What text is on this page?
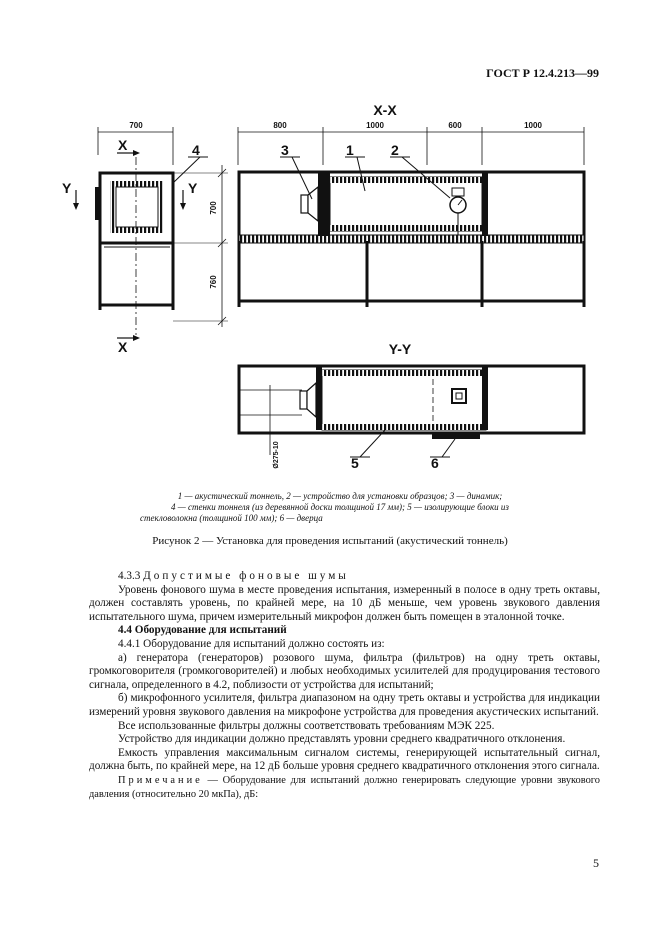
ГОСТ Р 12.4.213—99
X-X
Y-Y
700	800	1000	600	1000
700
760
Ø275-10
X
X
Y	Y
1	2
3
4
5	6
1 — акустический тоннель, 2 — устройство для установки образцов; 3 — динамик;
4 — стенки тоннеля (из деревянной доски толщиной 17 мм); 5 — изолирующие блоки из
стекловолокна (толщиной 100 мм); 6 — дверца
Рисунок 2 — Установка для проведения испытаний (акустический тоннель)

4.3.3 Допустимые фоновые шумы

Уровень фонового шума в месте проведения испытания, измеренный в полосе в одну треть октавы, должен составлять уровень, по крайней мере, на 10 дБ меньше, чем уровень звукового давления испытательного шума, причем измерительный микрофон должен быть помещен в эталонной точке.

4.4 Оборудование для испытаний

4.4.1 Оборудование для испытаний должно состоять из:

а) генератора (генераторов) розового шума, фильтра (фильтров) на одну треть октавы, громкоговорителя (громкоговорителей) и любых необходимых усилителей для продуцирования тестового сигнала, определенного в 4.2, поблизости от устройства для испытаний;

б) микрофонного усилителя, фильтра диапазоном на одну треть октавы и устройства для индикации измерений уровня звукового давления на микрофоне устройства для проведения акустических испытаний.

Все использованные фильтры должны соответствовать требованиям МЭК 225.

Устройство для индикации должно представлять уровни среднего квадратичного отклонения.

Емкость управления максимальным сигналом системы, генерирующей испытательный сигнал, должна быть, по крайней мере, на 12 дБ больше уровня среднего квадратичного отклонения этого сигнала.

Примечание — Оборудование для испытаний должно генерировать следующие уровни звукового давления (относительно 20 мкПа), дБ:

5
